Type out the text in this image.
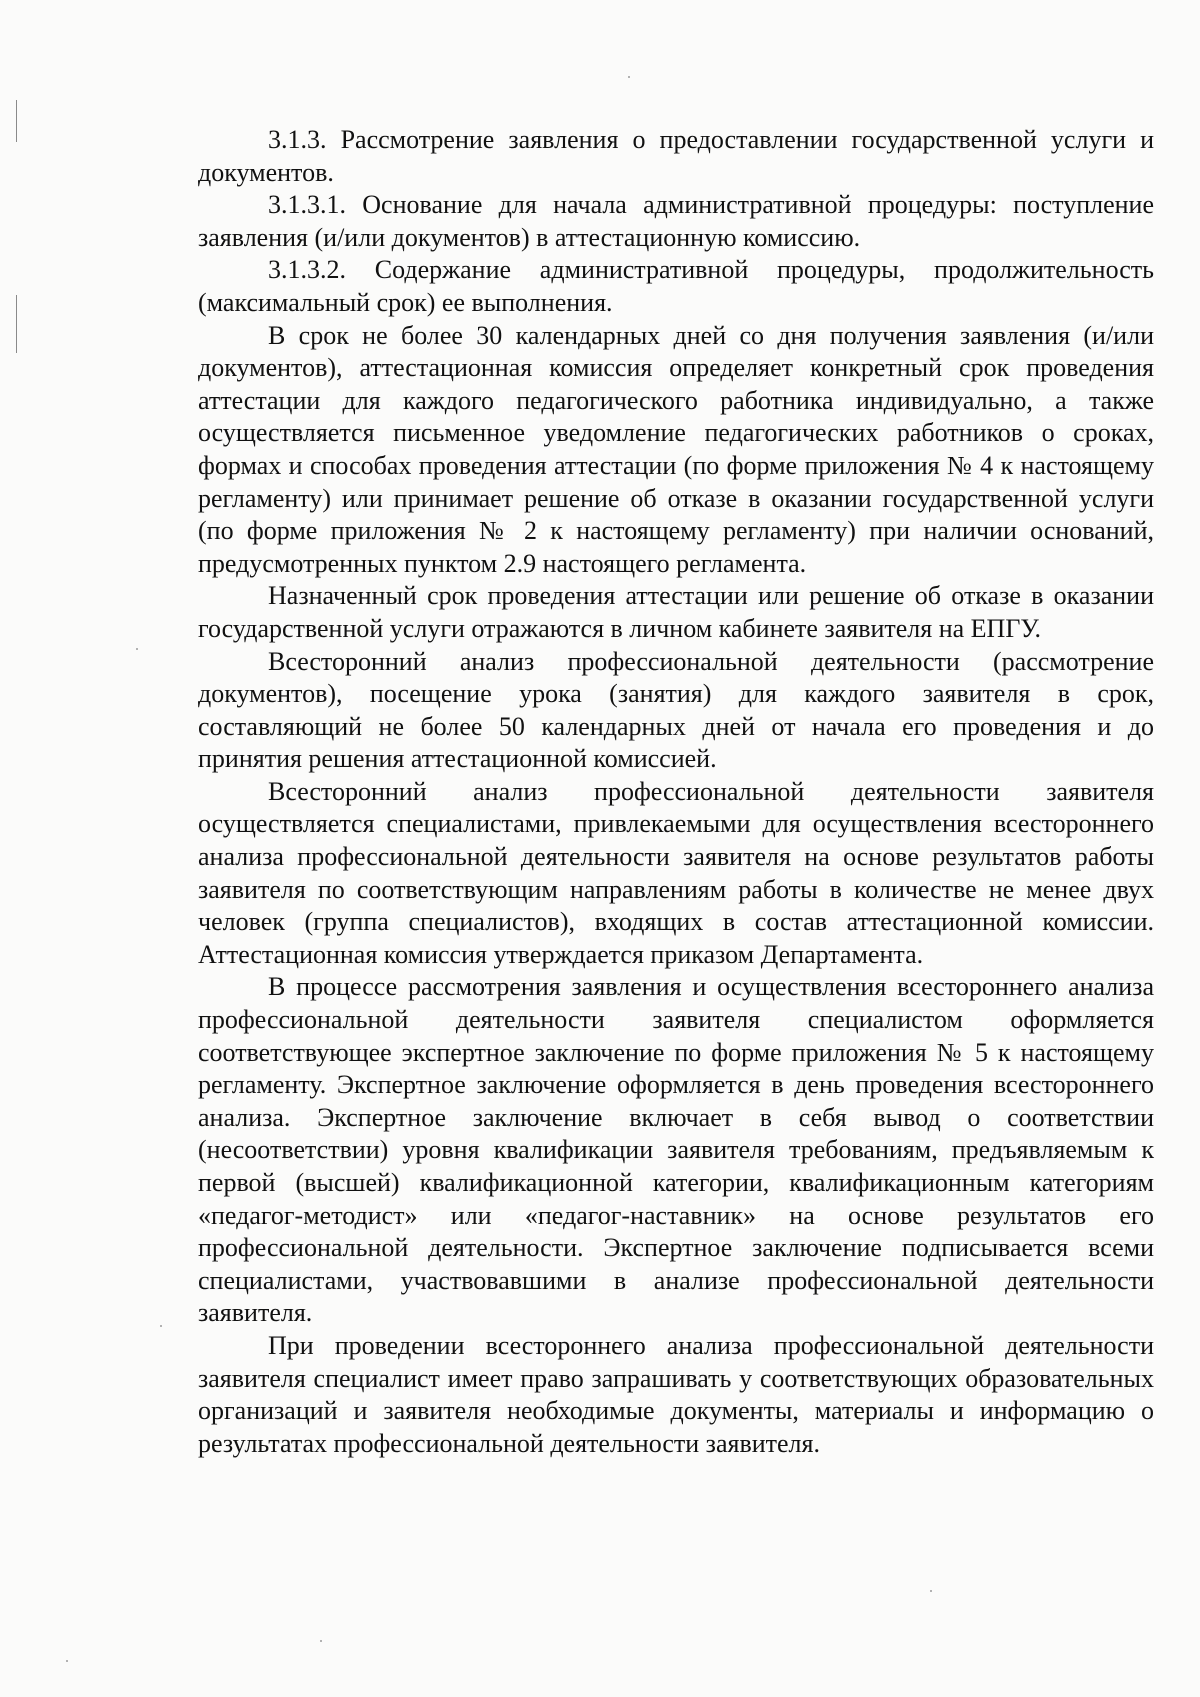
3.1.3. Рассмотрение заявления о предоставлении государственной услуги и документов.

3.1.3.1. Основание для начала административной процедуры: поступление заявления (и/или документов) в аттестационную комиссию.

3.1.3.2. Содержание административной процедуры, продолжительность (максимальный срок) ее выполнения.

В срок не более 30 календарных дней со дня получения заявления (и/или документов), аттестационная комиссия определяет конкретный срок проведения аттестации для каждого педагогического работника индивидуально, а также осуществляется письменное уведомление педагогических работников о сроках, формах и способах проведения аттестации (по форме приложения № 4 к настоящему регламенту) или принимает решение об отказе в оказании государственной услуги (по форме приложения № 2 к настоящему регламенту) при наличии оснований, предусмотренных пунктом 2.9 настоящего регламента.

Назначенный срок проведения аттестации или решение об отказе в оказании государственной услуги отражаются в личном кабинете заявителя на ЕПГУ.

Всесторонний анализ профессиональной деятельности (рассмотрение документов), посещение урока (занятия) для каждого заявителя в срок, составляющий не более 50 календарных дней от начала его проведения и до принятия решения аттестационной комиссией.

Всесторонний анализ профессиональной деятельности заявителя осуществляется специалистами, привлекаемыми для осуществления всестороннего анализа профессиональной деятельности заявителя на основе результатов работы заявителя по соответствующим направлениям работы в количестве не менее двух человек (группа специалистов), входящих в состав аттестационной комиссии. Аттестационная комиссия утверждается приказом Департамента.

В процессе рассмотрения заявления и осуществления всестороннего анализа профессиональной деятельности заявителя специалистом оформляется соответствующее экспертное заключение по форме приложения № 5 к настоящему регламенту. Экспертное заключение оформляется в день проведения всестороннего анализа. Экспертное заключение включает в себя вывод о соответствии (несоответствии) уровня квалификации заявителя требованиям, предъявляемым к первой (высшей) квалификационной категории, квалификационным категориям «педагог-методист» или «педагог-наставник» на основе результатов его профессиональной деятельности. Экспертное заключение подписывается всеми специалистами, участвовавшими в анализе профессиональной деятельности заявителя.

При проведении всестороннего анализа профессиональной деятельности заявителя специалист имеет право запрашивать у соответствующих образовательных организаций и заявителя необходимые документы, материалы и информацию о результатах профессиональной деятельности заявителя.
